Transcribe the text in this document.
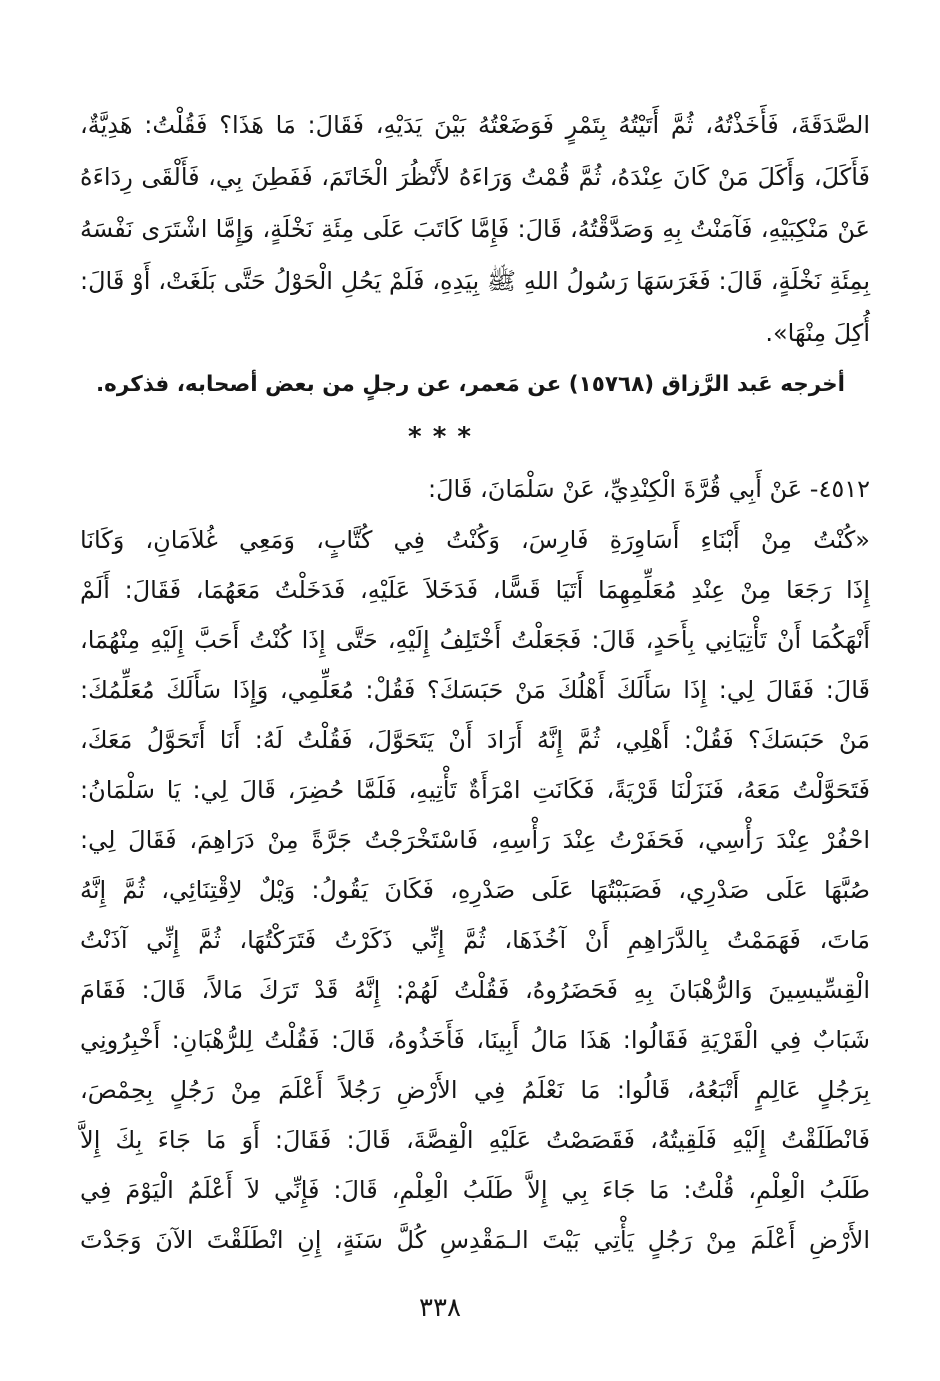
الصَّدَقَةَ، فَأَخَذْتُهُ، ثُمَّ أَتَيْتُهُ بِتَمْرٍ فَوَضَعْتُهُ بَيْنَ يَدَيْهِ، فَقَالَ: مَا هَذَا؟ فَقُلْتُ: هَدِيَّةٌ،
فَأَكَلَ، وَأَكَلَ مَنْ كَانَ عِنْدَهُ، ثُمَّ قُمْتُ وَرَاءَهُ لأَنْظُرَ الْخَاتَمَ، فَفَطِنَ بِي، فَأَلْقَى رِدَاءَهُ
عَنْ مَنْكِبَيْهِ، فَآمَنْتُ بِهِ وَصَدَّقْتُهُ، قَالَ: فَإِمَّا كَاتَبَ عَلَى مِئَةِ نَخْلَةٍ، وَإِمَّا اشْتَرَى نَفْسَهُ
بِمِئَةِ نَخْلَةٍ، قَالَ: فَغَرَسَهَا رَسُولُ اللهِ ﷺ بِيَدِهِ، فَلَمْ يَحُلِ الْحَوْلُ حَتَّى بَلَغَتْ، أَوْ قَالَ:
أُكِلَ مِنْهَا».
أخرجه عَبد الرَّزاق (١٥٧٦٨) عن مَعمر، عن رجلٍ من بعض أصحابه، فذكره.
* * *
٤٥١٢- عَنْ أَبِي قُرَّةَ الْكِنْدِيِّ، عَنْ سَلْمَانَ، قَالَ:
«كُنْتُ مِنْ أَبْنَاءِ أَسَاوِرَةِ فَارِسَ، وَكُنْتُ فِي كُتَّابٍ، وَمَعِي غُلاَمَانِ، وَكَانَا
إِذَا رَجَعَا مِنْ عِنْدِ مُعَلِّمِهِمَا أَتَيَا قَسًّا، فَدَخَلاَ عَلَيْهِ، فَدَخَلْتُ مَعَهُمَا، فَقَالَ: أَلَمْ
أَنْهَكُمَا أَنْ تَأْتِيَانِي بِأَحَدٍ، قَالَ: فَجَعَلْتُ أَخْتَلِفُ إِلَيْهِ، حَتَّى إِذَا كُنْتُ أَحَبَّ إِلَيْهِ مِنْهُمَا،
قَالَ: فَقَالَ لِي: إِذَا سَأَلَكَ أَهْلُكَ مَنْ حَبَسَكَ؟ فَقُلْ: مُعَلِّمِي، وَإِذَا سَأَلَكَ مُعَلِّمُكَ:
مَنْ حَبَسَكَ؟ فَقُلْ: أَهْلِي، ثُمَّ إِنَّهُ أَرَادَ أَنْ يَتَحَوَّلَ، فَقُلْتُ لَهُ: أَنَا أَتَحَوَّلُ مَعَكَ،
فَتَحَوَّلْتُ مَعَهُ، فَنَزَلْنَا قَرْيَةً، فَكَانَتِ امْرَأَةٌ تَأْتِيهِ، فَلَمَّا حُضِرَ، قَالَ لِي: يَا سَلْمَانُ:
احْفُرْ عِنْدَ رَأْسِي، فَحَفَرْتُ عِنْدَ رَأْسِهِ، فَاسْتَخْرَجْتُ جَرَّةً مِنْ دَرَاهِمَ، فَقَالَ لِي:
صُبَّهَا عَلَى صَدْرِي، فَصَبَبْتُهَا عَلَى صَدْرِهِ، فَكَانَ يَقُولُ: وَيْلٌ لاِقْتِنَائِي، ثُمَّ إِنَّهُ
مَاتَ، فَهَمَمْتُ بِالدَّرَاهِمِ أَنْ آخُذَهَا، ثُمَّ إِنِّي ذَكَرْتُ فَتَرَكْتُهَا، ثُمَّ إِنِّي آذَنْتُ
الْقِسِّيسِينَ وَالرُّهْبَانَ بِهِ فَحَضَرُوهُ، فَقُلْتُ لَهُمْ: إِنَّهُ قَدْ تَرَكَ مَالاً، قَالَ: فَقَامَ
شَبَابٌ فِي الْقَرْيَةِ فَقَالُوا: هَذَا مَالُ أَبِينَا، فَأَخَذُوهُ، قَالَ: فَقُلْتُ لِلرُّهْبَانِ: أَخْبِرُونِي
بِرَجُلٍ عَالِمٍ أَتْبَعُهُ، قَالُوا: مَا نَعْلَمُ فِي الأَرْضِ رَجُلاً أَعْلَمَ مِنْ رَجُلٍ بِحِمْصَ،
فَانْطَلَقْتُ إِلَيْهِ فَلَقِيتُهُ، فَقَصَصْتُ عَلَيْهِ الْقِصَّةَ، قَالَ: فَقَالَ: أَوَ مَا جَاءَ بِكَ إِلاَّ
طَلَبُ الْعِلْمِ، قُلْتُ: مَا جَاءَ بِي إِلاَّ طَلَبُ الْعِلْمِ، قَالَ: فَإِنِّي لاَ أَعْلَمُ الْيَوْمَ فِي
الأَرْضِ أَعْلَمَ مِنْ رَجُلٍ يَأْتِي بَيْتَ الـمَقْدِسِ كُلَّ سَنَةٍ، إِنِ انْطَلَقْتَ الآنَ وَجَدْتَ
٣٣٨
